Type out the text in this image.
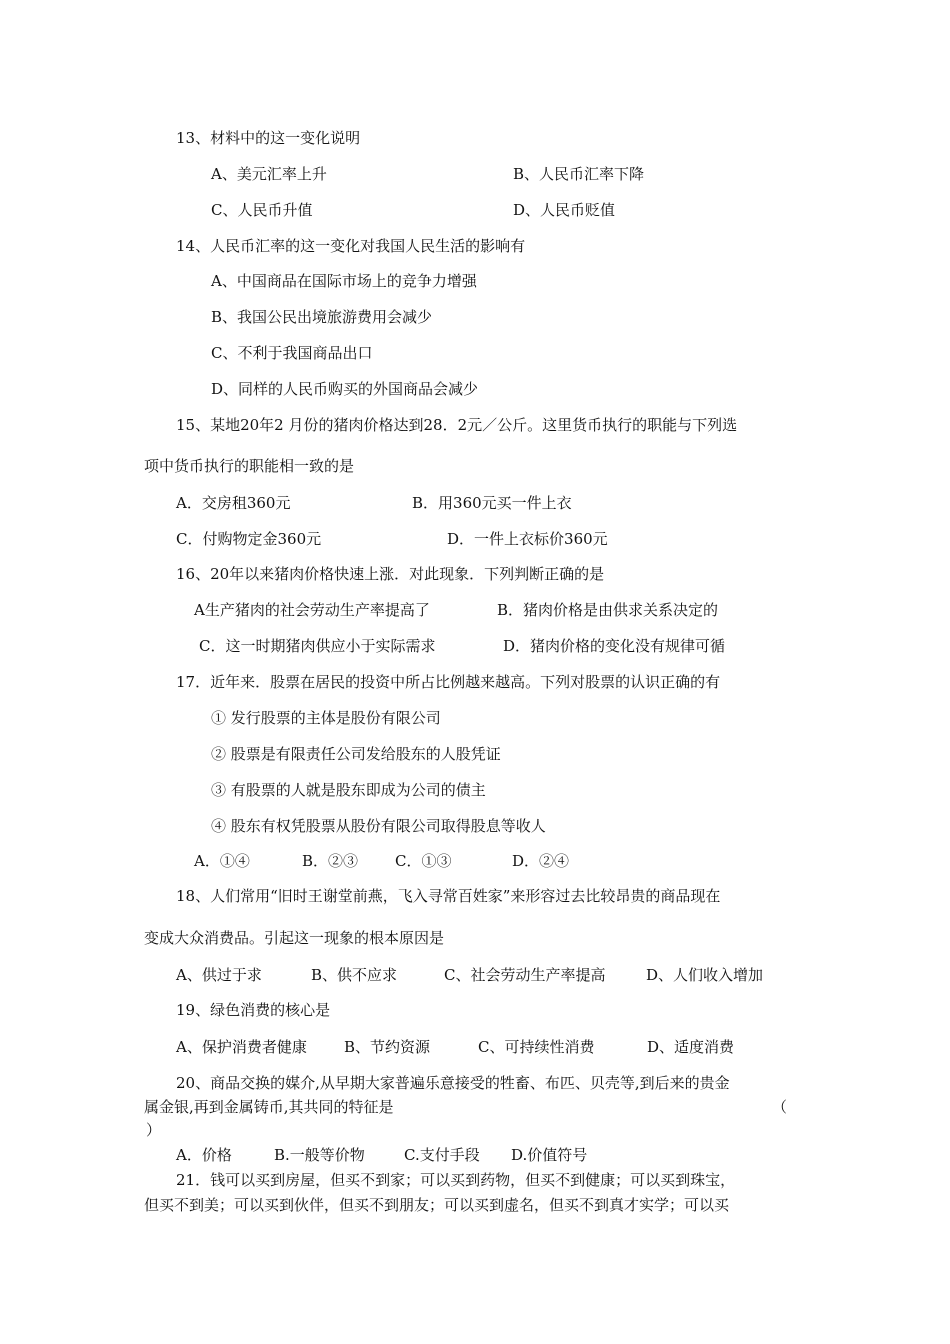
13、材料中的这一变化说明
A、美元汇率上升	B、人民币汇率下降
C、人民币升值	D、人民币贬值
14、人民币汇率的这一变化对我国人民生活的影响有
A、中国商品在国际市场上的竞争力增强
B、我国公民出境旅游费用会减少
C、不利于我国商品出口
D、同样的人民币购买的外国商品会减少
15、某地20年2 月份的猪肉价格达到28．2元／公斤。这里货币执行的职能与下列选
项中货币执行的职能相一致的是
A．交房租360元	B．用360元买一件上衣
C．付购物定金360元	D．一件上衣标价360元
16、20年以来猪肉价格快速上涨．对此现象．下列判断正确的是
A生产猪肉的社会劳动生产率提高了	B．猪肉价格是由供求关系决定的
C．这一时期猪肉供应小于实际需求	D．猪肉价格的变化没有规律可循
17．近年来．股票在居民的投资中所占比例越来越高。下列对股票的认识正确的有
① 发行股票的主体是股份有限公司
② 股票是有限责任公司发给股东的人股凭证
③ 有股票的人就是股东即成为公司的债主
④ 股东有权凭股票从股份有限公司取得股息等收人
A．①④	B．②③ C．①③	D．②④
18、人们常用“旧时王谢堂前燕，飞入寻常百姓家”来形容过去比较昂贵的商品现在
变成大众消费品。引起这一现象的根本原因是
A、供过于求	B、供不应求	C、社会劳动生产率提高	D、人们收入增加
19、绿色消费的核心是
A、保护消费者健康 B、节约资源	C、可持续性消费	D、适度消费
20、商品交换的媒介,从早期大家普遍乐意接受的牲畜、布匹、贝壳等,到后来的贵金
属金银,再到金属铸币,其共同的特征是	（
）
A．价格	B.一般等价物	C.支付手段 D.价值符号
21．钱可以买到房屋，但买不到家；可以买到药物，但买不到健康；可以买到珠宝，
但买不到美；可以买到伙伴，但买不到朋友；可以买到虚名，但买不到真才实学；可以买
